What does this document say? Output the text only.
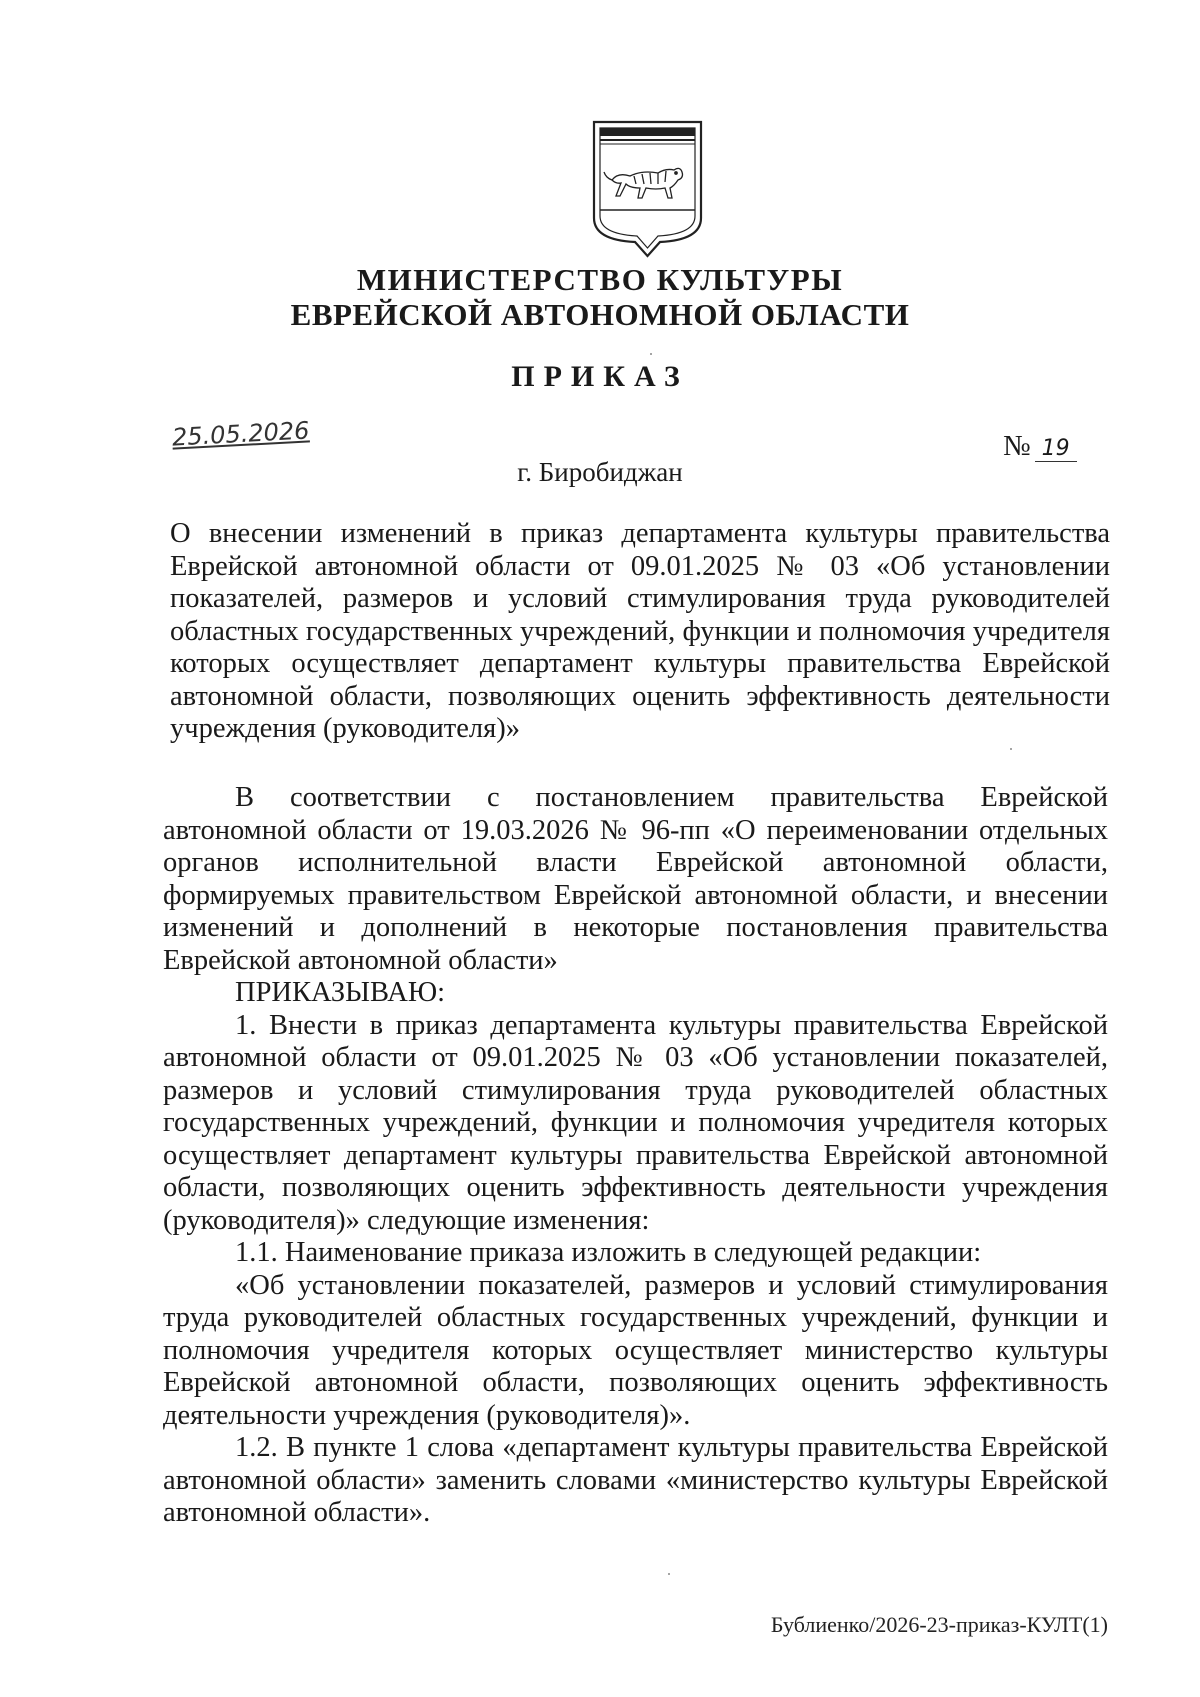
МИНИСТЕРСТВО КУЛЬТУРЫ
ЕВРЕЙСКОЙ АВТОНОМНОЙ ОБЛАСТИ
ПРИКАЗ
25.05.2026	№ 19
г. Биробиджан

О внесении изменений в приказ департамента культуры правительства Еврейской автономной области от 09.01.2025 № 03 «Об установлении показателей, размеров и условий стимулирования труда руководителей областных государственных учреждений, функции и полномочия учредителя которых осуществляет департамент культуры правительства Еврейской автономной области, позволяющих оценить эффективность деятельности учреждения (руководителя)»

В соответствии с постановлением правительства Еврейской автономной области от 19.03.2026 № 96-пп «О переименовании отдельных органов исполнительной власти Еврейской автономной области, формируемых правительством Еврейской автономной области, и внесении изменений и дополнений в некоторые постановления правительства Еврейской автономной области»

ПРИКАЗЫВАЮ:

1. Внести в приказ департамента культуры правительства Еврейской автономной области от 09.01.2025 № 03 «Об установлении показателей, размеров и условий стимулирования труда руководителей областных государственных учреждений, функции и полномочия учредителя которых осуществляет департамент культуры правительства Еврейской автономной области, позволяющих оценить эффективность деятельности учреждения (руководителя)» следующие изменения:

1.1. Наименование приказа изложить в следующей редакции:

«Об установлении показателей, размеров и условий стимулирования труда руководителей областных государственных учреждений, функции и полномочия учредителя которых осуществляет министерство культуры Еврейской автономной области, позволяющих оценить эффективность деятельности учреждения (руководителя)».

1.2. В пункте 1 слова «департамент культуры правительства Еврейской автономной области» заменить словами «министерство культуры Еврейской автономной области».

Бублиенко/2026-23-приказ-КУЛТ(1)
